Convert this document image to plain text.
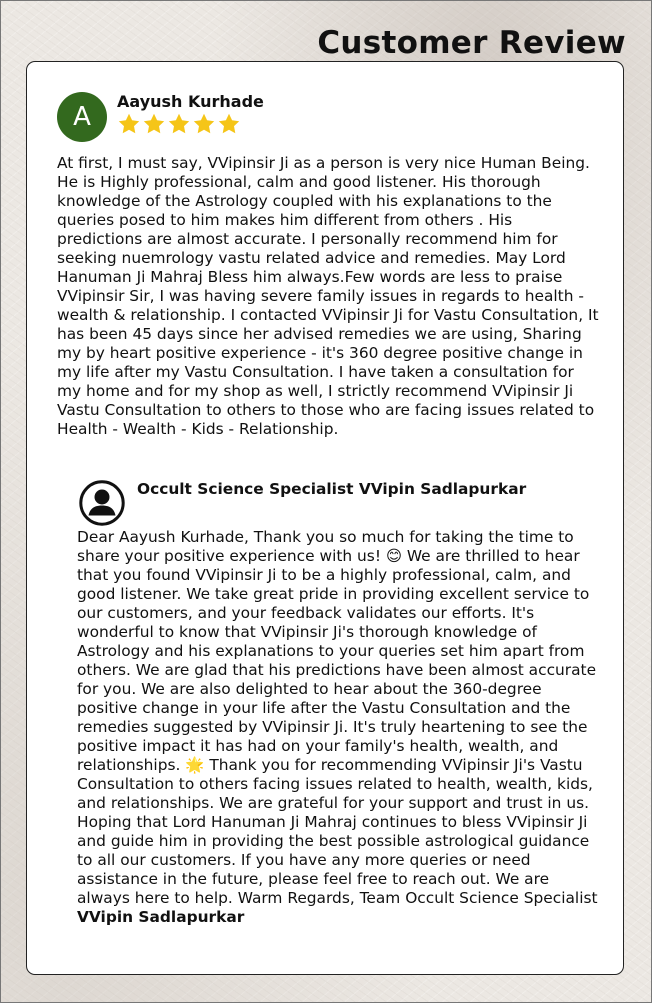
Customer Review
A
Aayush Kurhade

At first, I must say, VVipinsir Ji as a person is very nice Human Being. He is Highly professional, calm and good listener. His thorough knowledge of the Astrology coupled with his explanations to the queries posed to him makes him different from others . His predictions are almost accurate. I personally recommend him for seeking nuemrology vastu related advice and remedies. May Lord Hanuman Ji Mahraj Bless him always.Few words are less to praise VVipinsir Sir, I was having severe family issues in regards to health - wealth & relationship. I contacted VVipinsir Ji for Vastu Consultation, It has been 45 days since her advised remedies we are using, Sharing my by heart positive experience - it's 360 degree positive change in my life after my Vastu Consultation. I have taken a consultation for my home and for my shop as well, I strictly recommend VVipinsir Ji Vastu Consultation to others to those who are facing issues related to Health - Wealth - Kids - Relationship.

Occult Science Specialist VVipin Sadlapurkar

Dear Aayush Kurhade, Thank you so much for taking the time to share your positive experience with us! 😊 We are thrilled to hear that you found VVipinsir Ji to be a highly professional, calm, and good listener. We take great pride in providing excellent service to our customers, and your feedback validates our efforts. It's wonderful to know that VVipinsir Ji's thorough knowledge of Astrology and his explanations to your queries set him apart from others. We are glad that his predictions have been almost accurate for you. We are also delighted to hear about the 360-degree positive change in your life after the Vastu Consultation and the remedies suggested by VVipinsir Ji. It's truly heartening to see the positive impact it has had on your family's health, wealth, and relationships. 🌟 Thank you for recommending VVipinsir Ji's Vastu Consultation to others facing issues related to health, wealth, kids, and relationships. We are grateful for your support and trust in us. Hoping that Lord Hanuman Ji Mahraj continues to bless VVipinsir Ji and guide him in providing the best possible astrological guidance to all our customers. If you have any more queries or need assistance in the future, please feel free to reach out. We are always here to help. Warm Regards, Team Occult Science Specialist VVipin Sadlapurkar
